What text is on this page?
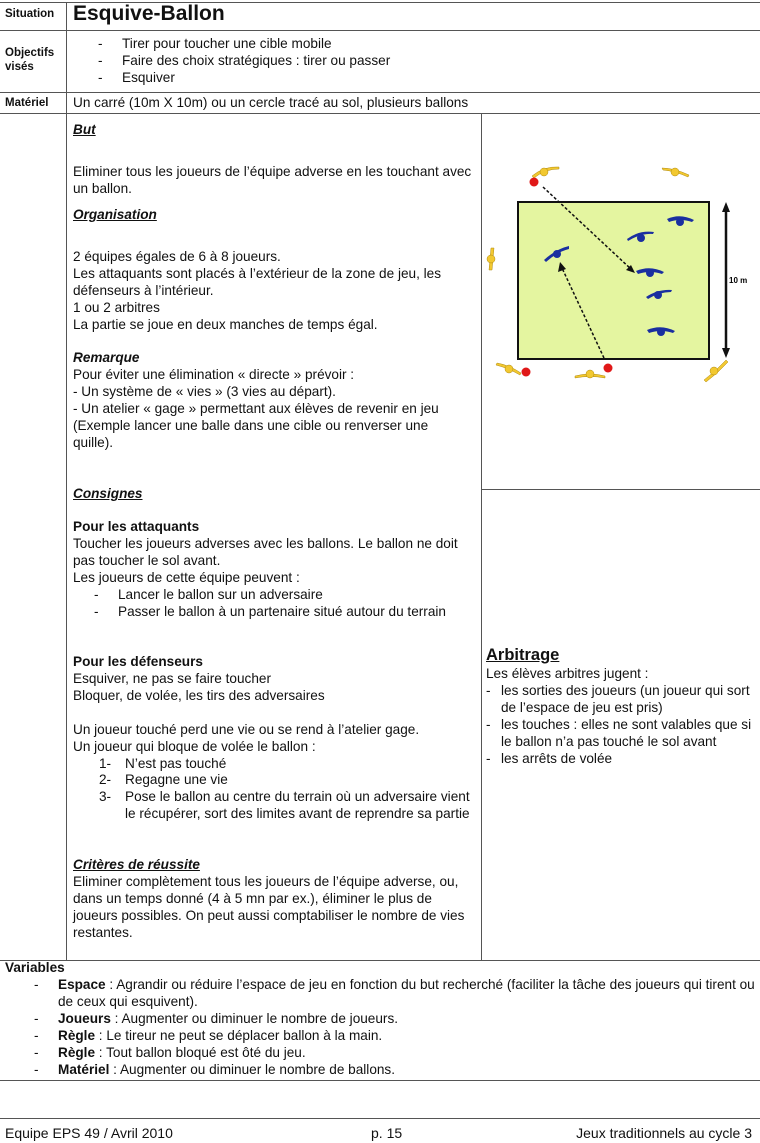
Situation Esquive-Ballon
Objectifs visés
- Tirer pour toucher une cible mobile
- Faire des choix stratégiques : tirer ou passer
- Esquiver
Matériel Un carré (10m X 10m) ou un cercle tracé au sol, plusieurs ballons
But
Eliminer tous les joueurs de l’équipe adverse en les touchant avec un ballon.
Organisation
2 équipes égales de 6 à 8 joueurs.
Les attaquants sont placés à l’extérieur de la zone de jeu, les défenseurs à l’intérieur.
1 ou 2 arbitres
La partie se joue en deux manches de temps égal.
Remarque
Pour éviter une élimination « directe » prévoir :
- Un système de « vies » (3 vies au départ).
- Un atelier « gage » permettant aux élèves de revenir en jeu (Exemple lancer une balle dans une cible ou renverser une quille).
Consignes
Pour les attaquants
Toucher les joueurs adverses avec les ballons. Le ballon ne doit pas toucher le sol avant.
Les joueurs de cette équipe peuvent :
- Lancer le ballon sur un adversaire
- Passer le ballon à un partenaire situé autour du terrain
Pour les défenseurs
Esquiver, ne pas se faire toucher
Bloquer, de volée, les tirs des adversaires
Un joueur touché perd une vie ou se rend à l’atelier gage.
Un joueur qui bloque de volée le ballon :
1- N’est pas touché
2- Regagne une vie
3- Pose le ballon au centre du terrain où un adversaire vient le récupérer, sort des limites avant de reprendre sa partie
Critères de réussite
Eliminer complètement tous les joueurs de l’équipe adverse, ou, dans un temps donné (4 à 5 mn par ex.), éliminer le plus de joueurs possibles. On peut aussi comptabiliser le nombre de vies restantes.
10 m
Arbitrage
Les élèves arbitres jugent :
- les sorties des joueurs (un joueur qui sort de l’espace de jeu est pris)
- les touches : elles ne sont valables que si le ballon n’a pas touché le sol avant
- les arrêts de volée
Variables
- Espace : Agrandir ou réduire l’espace de jeu en fonction du but recherché (faciliter la tâche des joueurs qui tirent ou de ceux qui esquivent).
- Joueurs : Augmenter ou diminuer le nombre de joueurs.
- Règle : Le tireur ne peut se déplacer ballon à la main.
- Règle : Tout ballon bloqué est ôté du jeu.
- Matériel : Augmenter ou diminuer le nombre de ballons.
Equipe EPS 49 / Avril 2010	p. 15	Jeux traditionnels au cycle 3
